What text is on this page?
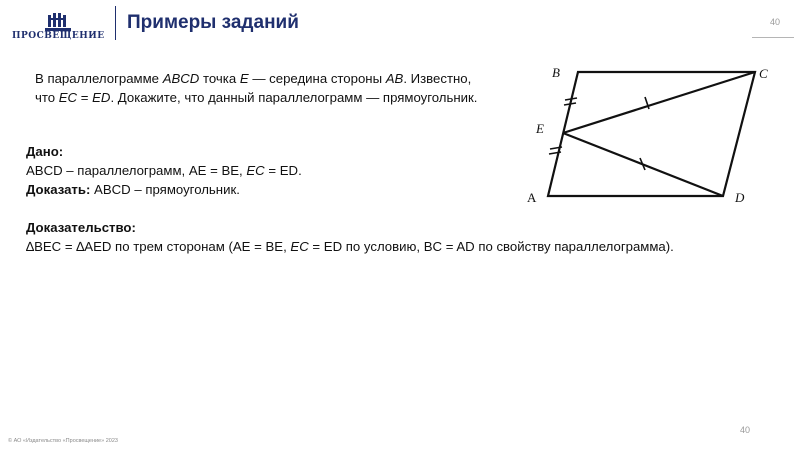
ПРОСВЕЩЕНИЕ
Примеры заданий	40
В параллелограмме ABCD точка E — середина стороны AB. Известно,
что EC = ED. Докажите, что данный параллелограмм — прямоугольник.
Дано:
ABCD – параллелограмм, AE = BE, EC = ED.
Доказать: ABCD – прямоугольник.
Доказательство:
∆BEC = ∆AED по трем сторонам (AE = BE, EC = ED по условию, BC = AD по свойству параллелограмма).
B	C
E
A	D
40
© АО «Издательство «Просвещение» 2023
